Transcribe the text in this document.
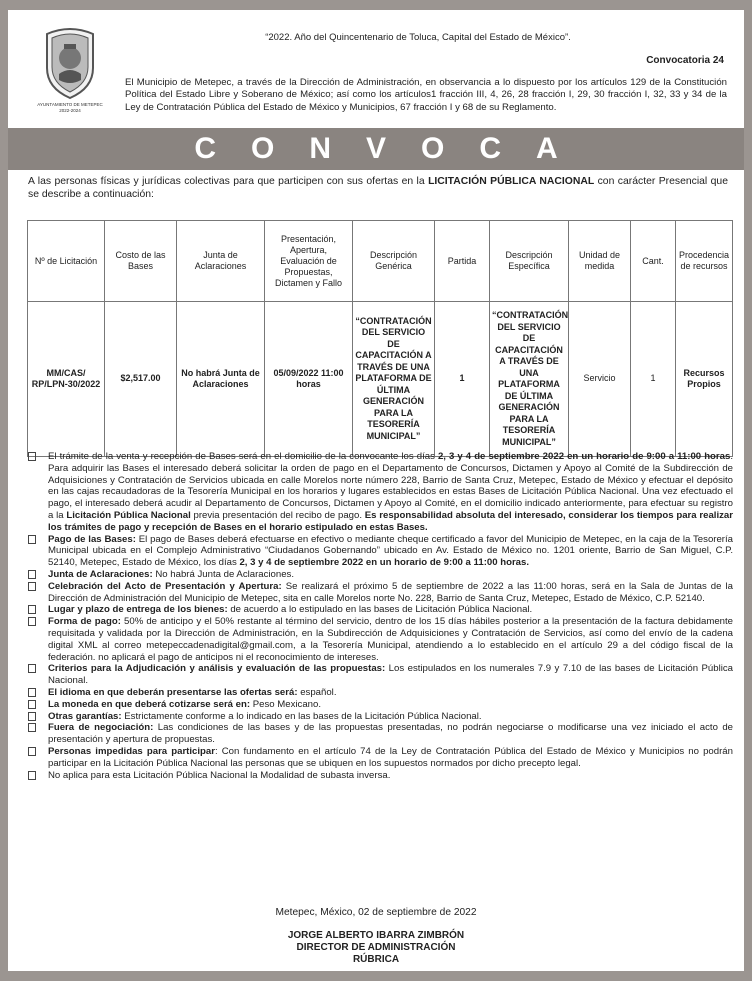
AYUNTAMIENTO DE METEPEC
2022-2024
“2022. Año del Quincentenario de Toluca, Capital del Estado de México”.
Convocatoria 24
El Municipio de Metepec, a través de la Dirección de Administración, en observancia a lo dispuesto por los artículos 129 de la Constitución Política del Estado Libre y Soberano de México; así como los artículos1 fracción III, 4, 26, 28 fracción I, 29, 30 fracción I, 32, 33 y 34 de la Ley de Contratación Pública del Estado de México y Municipios, 67 fracción I y 68 de su Reglamento.
CONVOCA
A las personas físicas y jurídicas colectivas para que participen con sus ofertas en la LICITACIÓN PÚBLICA NACIONAL con carácter Presencial que se describe a continuación:
Nº de Licitación	Costo de las Bases	Junta de Aclaraciones	Presentación, Apertura, Evaluación de Propuestas, Dictamen y Fallo	Descripción Genérica	Partida	Descripción Específica	Unidad de medida	Cant.	Procedencia de recursos
MM/CAS/ RP/LPN-30/2022	$2,517.00	No habrá Junta de Aclaraciones	05/09/2022 11:00 horas	“CONTRATACIÓN DEL SERVICIO DE CAPACITACIÓN A TRAVÉS DE UNA PLATAFORMA DE ÚLTIMA GENERACIÓN PARA LA TESORERÍA MUNICIPAL”	1	“CONTRATACIÓN DEL SERVICIO DE CAPACITACIÓN A TRAVÉS DE UNA PLATAFORMA DE ÚLTIMA GENERACIÓN PARA LA TESORERÍA MUNICIPAL”	Servicio	1	Recursos Propios
El trámite de la venta y recepción de Bases será en el domicilio de la convocante los días 2, 3 y 4 de septiembre 2022 en un horario de 9:00 a 11:00 horas. Para adquirir las Bases el interesado deberá solicitar la orden de pago en el Departamento de Concursos, Dictamen y Apoyo al Comité de la Subdirección de Adquisiciones y Contratación de Servicios ubicada en calle Morelos norte número 228, Barrio de Santa Cruz, Metepec, Estado de México y efectuar el depósito en las cajas recaudadoras de la Tesorería Municipal en los horarios y lugares establecidos en estas Bases de Licitación Pública Nacional. Una vez efectuado el pago, el interesado deberá acudir al Departamento de Concursos, Dictamen y Apoyo al Comité, en el domicilio indicado anteriormente, para efectuar su registro a la Licitación Pública Nacional previa presentación del recibo de pago. Es responsabilidad absoluta del interesado, considerar los tiempos para realizar los trámites de pago y recepción de Bases en el horario estipulado en estas Bases.
Pago de las Bases: El pago de Bases deberá efectuarse en efectivo o mediante cheque certificado a favor del Municipio de Metepec, en la caja de la Tesorería Municipal ubicada en el Complejo Administrativo “Ciudadanos Gobernando” ubicado en Av. Estado de México no. 1201 oriente, Barrio de San Miguel, C.P. 52140, Metepec, Estado de México, los días 2, 3 y 4 de septiembre 2022 en un horario de 9:00 a 11:00 horas.
Junta de Aclaraciones: No habrá Junta de Aclaraciones.
Celebración del Acto de Presentación y Apertura: Se realizará el próximo 5 de septiembre de 2022 a las 11:00 horas, será en la Sala de Juntas de la Dirección de Administración del Municipio de Metepec, sita en calle Morelos norte No. 228, Barrio de Santa Cruz, Metepec, Estado de México, C.P. 52140.
Lugar y plazo de entrega de los bienes: de acuerdo a lo estipulado en las bases de Licitación Pública Nacional.
Forma de pago: 50% de anticipo y el 50% restante al término del servicio, dentro de los 15 días hábiles posterior a la presentación de la factura debidamente requisitada y validada por la Dirección de Administración, en la Subdirección de Adquisiciones y Contratación de Servicios, así como del envío de la cadena digital XML al correo metepeccadenadigital@gmail.com, a la Tesorería Municipal, atendiendo a lo establecido en el artículo 29 a del código fiscal de la federación. no aplicará el pago de anticipos ni el reconocimiento de intereses.
Criterios para la Adjudicación y análisis y evaluación de las propuestas: Los estipulados en los numerales 7.9 y 7.10 de las bases de Licitación Pública Nacional.
El idioma en que deberán presentarse las ofertas será: español.
La moneda en que deberá cotizarse será en: Peso Mexicano.
Otras garantías: Estrictamente conforme a lo indicado en las bases de la Licitación Pública Nacional.
Fuera de negociación: Las condiciones de las bases y de las propuestas presentadas, no podrán negociarse o modificarse una vez iniciado el acto de presentación y apertura de propuestas.
Personas impedidas para participar: Con fundamento en el artículo 74 de la Ley de Contratación Pública del Estado de México y Municipios no podrán participar en la Licitación Pública Nacional las personas que se ubiquen en los supuestos normados por dicho precepto legal.
No aplica para esta Licitación Pública Nacional la Modalidad de subasta inversa.
Metepec, México, 02 de septiembre de 2022
JORGE ALBERTO IBARRA ZIMBRÓN
DIRECTOR DE ADMINISTRACIÓN
RÚBRICA
